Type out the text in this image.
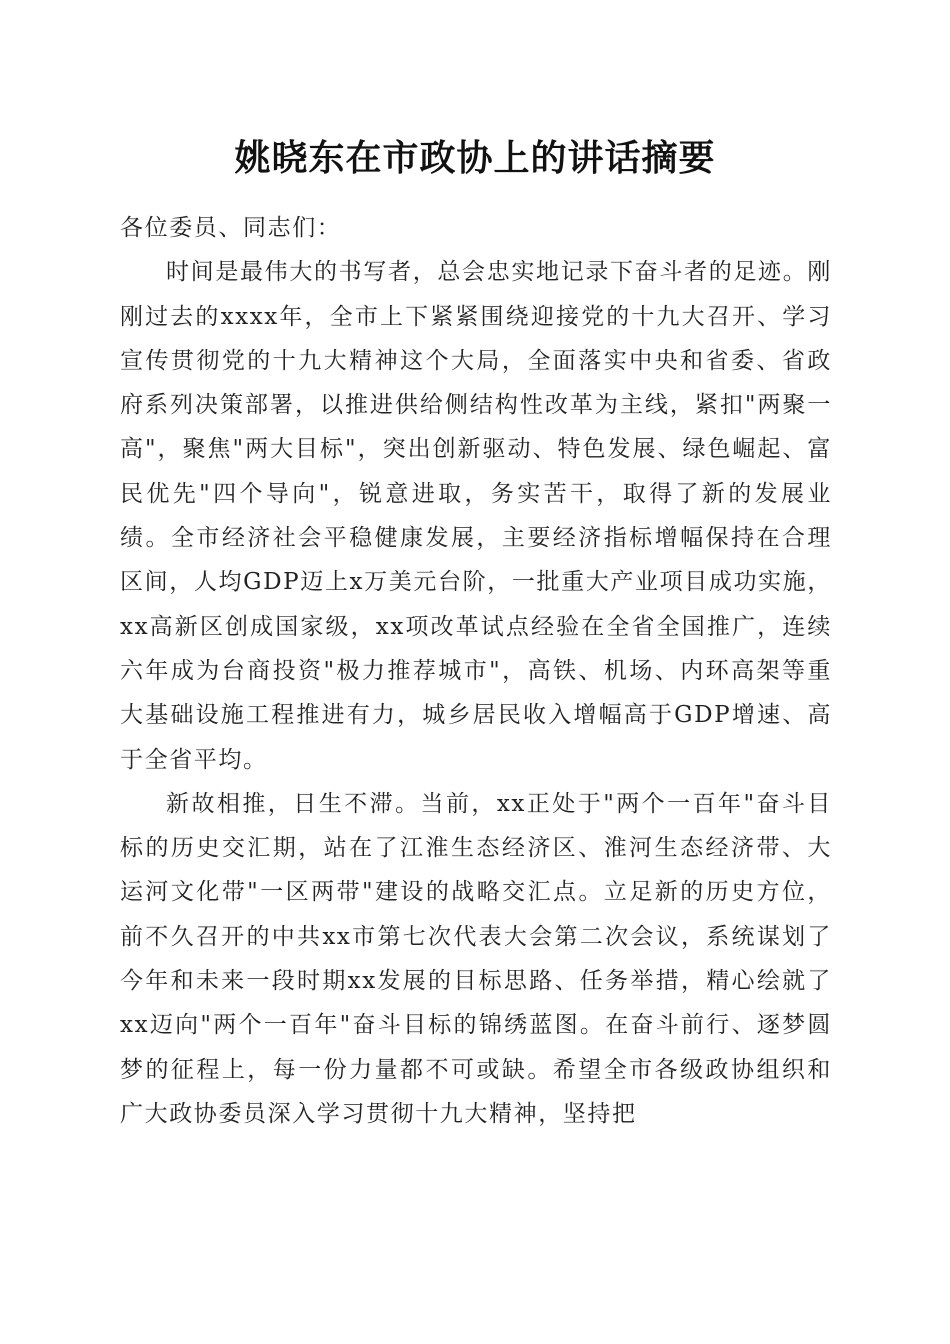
姚晓东在市政协上的讲话摘要

各位委员、同志们：

时间是最伟大的书写者，总会忠实地记录下奋斗者的足迹。刚刚过去的xxxx年，全市上下紧紧围绕迎接党的十九大召开、学习宣传贯彻党的十九大精神这个大局，全面落实中央和省委、省政府系列决策部署，以推进供给侧结构性改革为主线，紧扣"两聚一高"，聚焦"两大目标"，突出创新驱动、特色发展、绿色崛起、富民优先"四个导向"，锐意进取，务实苦干，取得了新的发展业绩。全市经济社会平稳健康发展，主要经济指标增幅保持在合理区间，人均GDP迈上x万美元台阶，一批重大产业项目成功实施，xx高新区创成国家级，xx项改革试点经验在全省全国推广，连续六年成为台商投资"极力推荐城市"，高铁、机场、内环高架等重大基础设施工程推进有力，城乡居民收入增幅高于GDP增速、高于全省平均。

新故相推，日生不滞。当前，xx正处于"两个一百年"奋斗目标的历史交汇期，站在了江淮生态经济区、淮河生态经济带、大运河文化带"一区两带"建设的战略交汇点。立足新的历史方位，前不久召开的中共xx市第七次代表大会第二次会议，系统谋划了今年和未来一段时期xx发展的目标思路、任务举措，精心绘就了xx迈向"两个一百年"奋斗目标的锦绣蓝图。在奋斗前行、逐梦圆梦的征程上，每一份力量都不可或缺。希望全市各级政协组织和广大政协委员深入学习贯彻十九大精神，坚持把
